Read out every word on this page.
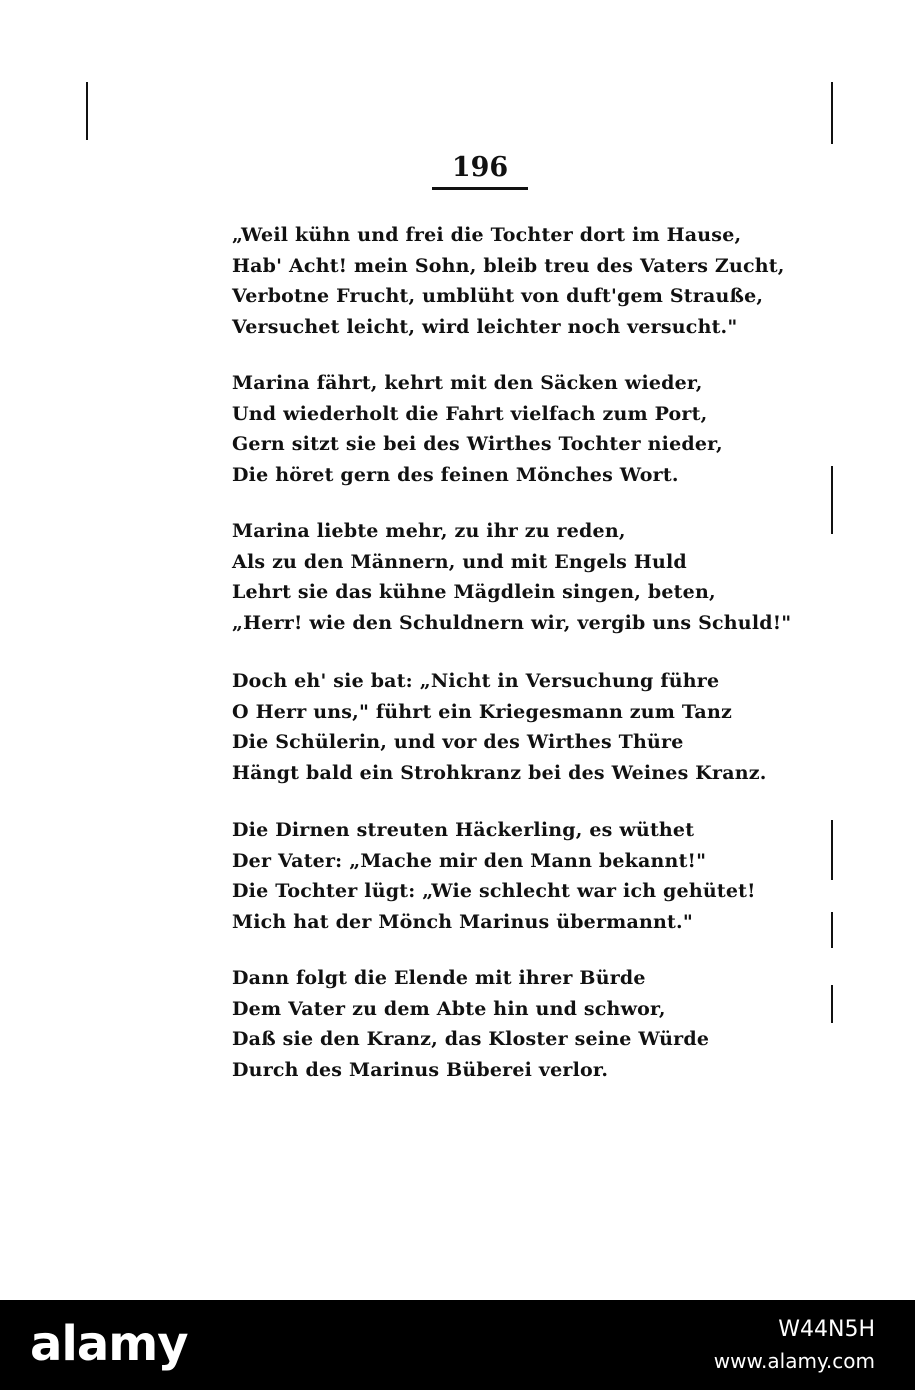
196
„Weil kühn und frei die Tochter dort im Hause,
Hab' Acht! mein Sohn, bleib treu des Vaters Zucht,
Verbotne Frucht, umblüht von duft'gem Strauße,
Versuchet leicht, wird leichter noch versucht."
Marina fährt, kehrt mit den Säcken wieder,
Und wiederholt die Fahrt vielfach zum Port,
Gern sitzt sie bei des Wirthes Tochter nieder,
Die höret gern des feinen Mönches Wort.
Marina liebte mehr, zu ihr zu reden,
Als zu den Männern, und mit Engels Huld
Lehrt sie das kühne Mägdlein singen, beten,
„Herr! wie den Schuldnern wir, vergib uns Schuld!"
Doch eh' sie bat: „Nicht in Versuchung führe
O Herr uns," führt ein Kriegesmann zum Tanz
Die Schülerin, und vor des Wirthes Thüre
Hängt bald ein Strohkranz bei des Weines Kranz.
Die Dirnen streuten Häckerling, es wüthet
Der Vater: „Mache mir den Mann bekannt!"
Die Tochter lügt: „Wie schlecht war ich gehütet!
Mich hat der Mönch Marinus übermannt."
Dann folgt die Elende mit ihrer Bürde
Dem Vater zu dem Abte hin und schwor,
Daß sie den Kranz, das Kloster seine Würde
Durch des Marinus Büberei verlor.
alamy	W44N5H
www.alamy.com
